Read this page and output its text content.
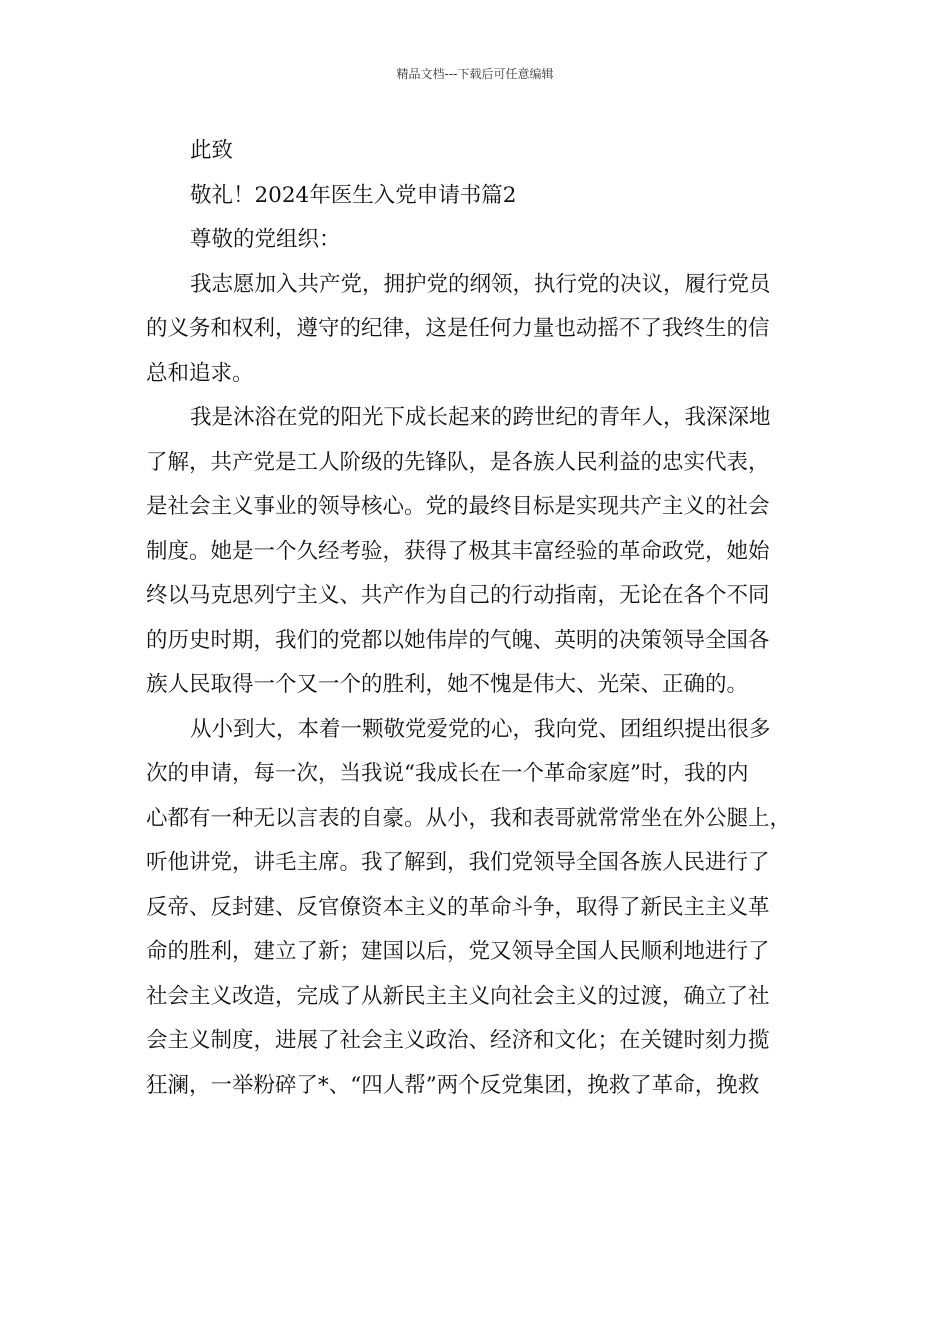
精品文档---下载后可任意编辑
此致
敬礼！2024年医生入党申请书篇2
尊敬的党组织：
我志愿加入共产党，拥护党的纲领，执行党的决议，履行党员
的义务和权利，遵守的纪律，这是任何力量也动摇不了我终生的信
总和追求。
我是沐浴在党的阳光下成长起来的跨世纪的青年人，我深深地
了解，共产党是工人阶级的先锋队，是各族人民利益的忠实代表，
是社会主义事业的领导核心。党的最终目标是实现共产主义的社会
制度。她是一个久经考验，获得了极其丰富经验的革命政党，她始
终以马克思列宁主义、共产作为自己的行动指南，无论在各个不同
的历史时期，我们的党都以她伟岸的气魄、英明的决策领导全国各
族人民取得一个又一个的胜利，她不愧是伟大、光荣、正确的。
从小到大，本着一颗敬党爱党的心，我向党、团组织提出很多
次的申请，每一次，当我说“我成长在一个革命家庭”时，我的内
心都有一种无以言表的自豪。从小，我和表哥就常常坐在外公腿上，
听他讲党，讲毛主席。我了解到，我们党领导全国各族人民进行了
反帝、反封建、反官僚资本主义的革命斗争，取得了新民主主义革
命的胜利，建立了新；建国以后，党又领导全国人民顺利地进行了
社会主义改造，完成了从新民主主义向社会主义的过渡，确立了社
会主义制度，进展了社会主义政治、经济和文化；在关键时刻力揽
狂澜，一举粉碎了*、“四人帮”两个反党集团，挽救了革命，挽救
